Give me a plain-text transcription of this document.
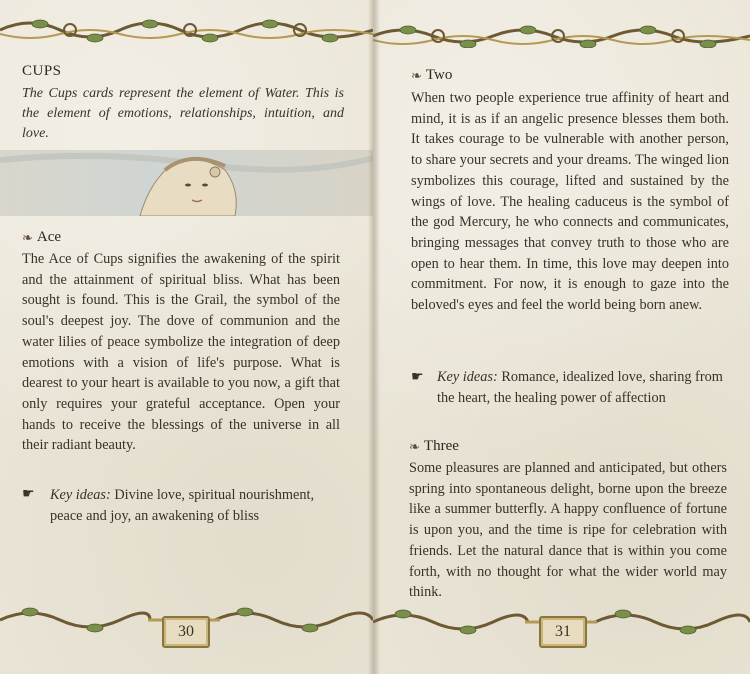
CUPS
The Cups cards represent the element of Water. This is the element of emotions, relationships, intuition, and love.
❧ Ace
The Ace of Cups signifies the awakening of the spirit and the attainment of spiritual bliss. What has been sought is found. This is the Grail, the symbol of the soul's deepest joy. The dove of communion and the water lilies of peace symbolize the integration of deep emotions with a vision of life's purpose. What is dearest to your heart is available to you now, a gift that only requires your grateful acceptance. Open your hands to receive the blessings of the universe in all their radiant beauty.
☛ Key ideas: Divine love, spiritual nourishment, peace and joy, an awakening of bliss
30
❧ Two
When two people experience true affinity of heart and mind, it is as if an angelic presence blesses them both. It takes courage to be vulnerable with another person, to share your secrets and your dreams. The winged lion symbolizes this courage, lifted and sustained by the wings of love. The healing caduceus is the symbol of the god Mercury, he who connects and communicates, bringing messages that convey truth to those who are open to hear them. In time, this love may deepen into commitment. For now, it is enough to gaze into the beloved's eyes and feel the world being born anew.
☛ Key ideas: Romance, idealized love, sharing from the heart, the healing power of affection
❧ Three
Some pleasures are planned and anticipated, but others spring into spontaneous delight, borne upon the breeze like a summer butterfly. A happy confluence of fortune is upon you, and the time is ripe for celebration with friends. Let the natural dance that is within you come forth, with no thought for what the wider world may think.
31
